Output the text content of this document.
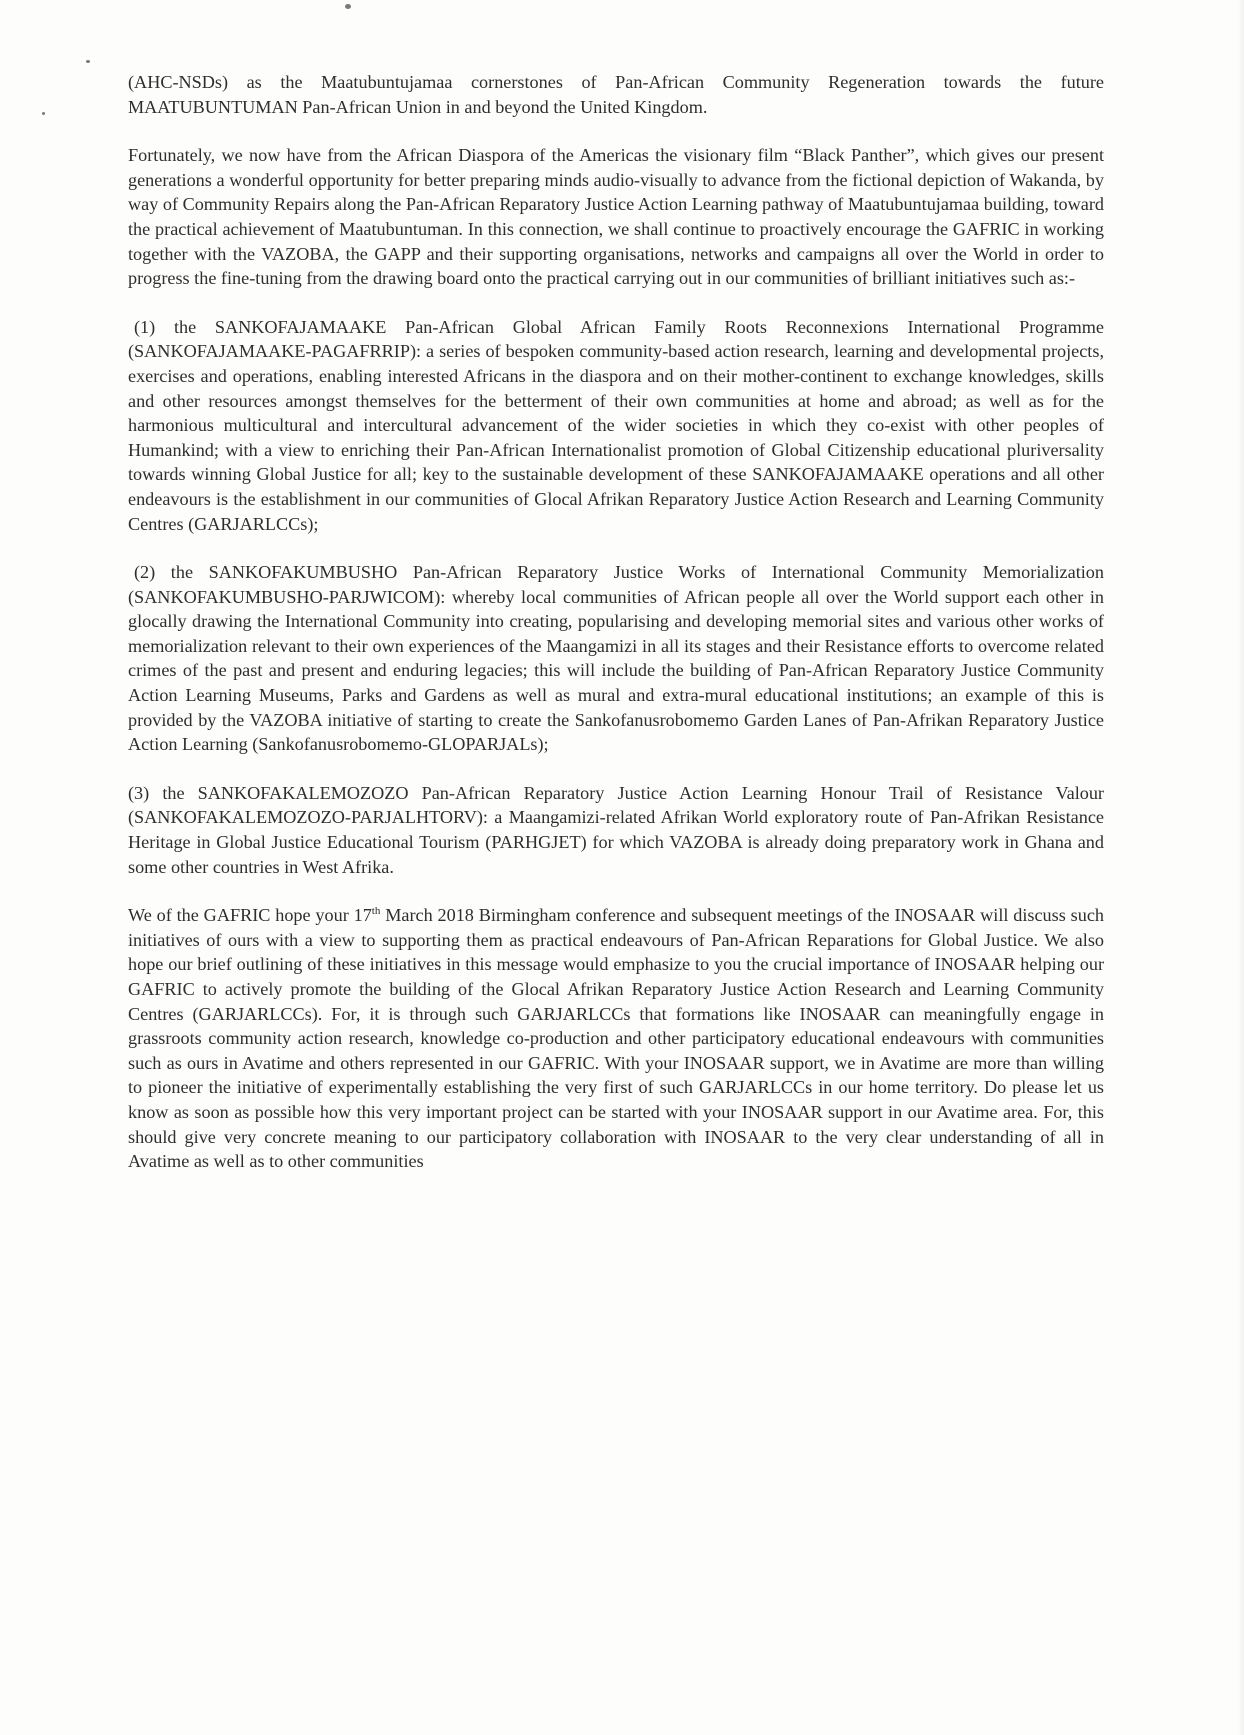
(AHC-NSDs) as the Maatubuntujamaa cornerstones of Pan-African Community Regeneration towards the future MAATUBUNTUMAN Pan-African Union in and beyond the United Kingdom.

Fortunately, we now have from the African Diaspora of the Americas the visionary film “Black Panther”, which gives our present generations a wonderful opportunity for better preparing minds audio-visually to advance from the fictional depiction of Wakanda, by way of Community Repairs along the Pan-African Reparatory Justice Action Learning pathway of Maatubuntujamaa building, toward the practical achievement of Maatubuntuman. In this connection, we shall continue to proactively encourage the GAFRIC in working together with the VAZOBA, the GAPP and their supporting organisations, networks and campaigns all over the World in order to progress the fine-tuning from the drawing board onto the practical carrying out in our communities of brilliant initiatives such as:-

(1) the SANKOFAJAMAAKE Pan-African Global African Family Roots Reconnexions International Programme (SANKOFAJAMAAKE-PAGAFRRIP): a series of bespoken community-based action research, learning and developmental projects, exercises and operations, enabling interested Africans in the diaspora and on their mother-continent to exchange knowledges, skills and other resources amongst themselves for the betterment of their own communities at home and abroad; as well as for the harmonious multicultural and intercultural advancement of the wider societies in which they co-exist with other peoples of Humankind; with a view to enriching their Pan-African Internationalist promotion of Global Citizenship educational pluriversality towards winning Global Justice for all; key to the sustainable development of these SANKOFAJAMAAKE operations and all other endeavours is the establishment in our communities of Glocal Afrikan Reparatory Justice Action Research and Learning Community Centres (GARJARLCCs);

(2) the SANKOFAKUMBUSHO Pan-African Reparatory Justice Works of International Community Memorialization (SANKOFAKUMBUSHO-PARJWICOM): whereby local communities of African people all over the World support each other in glocally drawing the International Community into creating, popularising and developing memorial sites and various other works of memorialization relevant to their own experiences of the Maangamizi in all its stages and their Resistance efforts to overcome related crimes of the past and present and enduring legacies; this will include the building of Pan-African Reparatory Justice Community Action Learning Museums, Parks and Gardens as well as mural and extra-mural educational institutions; an example of this is provided by the VAZOBA initiative of starting to create the Sankofanusrobomemo Garden Lanes of Pan-Afrikan Reparatory Justice Action Learning (Sankofanusrobomemo-GLOPARJALs);

(3) the SANKOFAKALEMOZOZO Pan-African Reparatory Justice Action Learning Honour Trail of Resistance Valour (SANKOFAKALEMOZOZO-PARJALHTORV): a Maangamizi-related Afrikan World exploratory route of Pan-Afrikan Resistance Heritage in Global Justice Educational Tourism (PARHGJET) for which VAZOBA is already doing preparatory work in Ghana and some other countries in West Afrika.

We of the GAFRIC hope your 17th March 2018 Birmingham conference and subsequent meetings of the INOSAAR will discuss such initiatives of ours with a view to supporting them as practical endeavours of Pan-African Reparations for Global Justice. We also hope our brief outlining of these initiatives in this message would emphasize to you the crucial importance of INOSAAR helping our GAFRIC to actively promote the building of the Glocal Afrikan Reparatory Justice Action Research and Learning Community Centres (GARJARLCCs). For, it is through such GARJARLCCs that formations like INOSAAR can meaningfully engage in grassroots community action research, knowledge co-production and other participatory educational endeavours with communities such as ours in Avatime and others represented in our GAFRIC. With your INOSAAR support, we in Avatime are more than willing to pioneer the initiative of experimentally establishing the very first of such GARJARLCCs in our home territory. Do please let us know as soon as possible how this very important project can be started with your INOSAAR support in our Avatime area. For, this should give very concrete meaning to our participatory collaboration with INOSAAR to the very clear understanding of all in Avatime as well as to other communities
